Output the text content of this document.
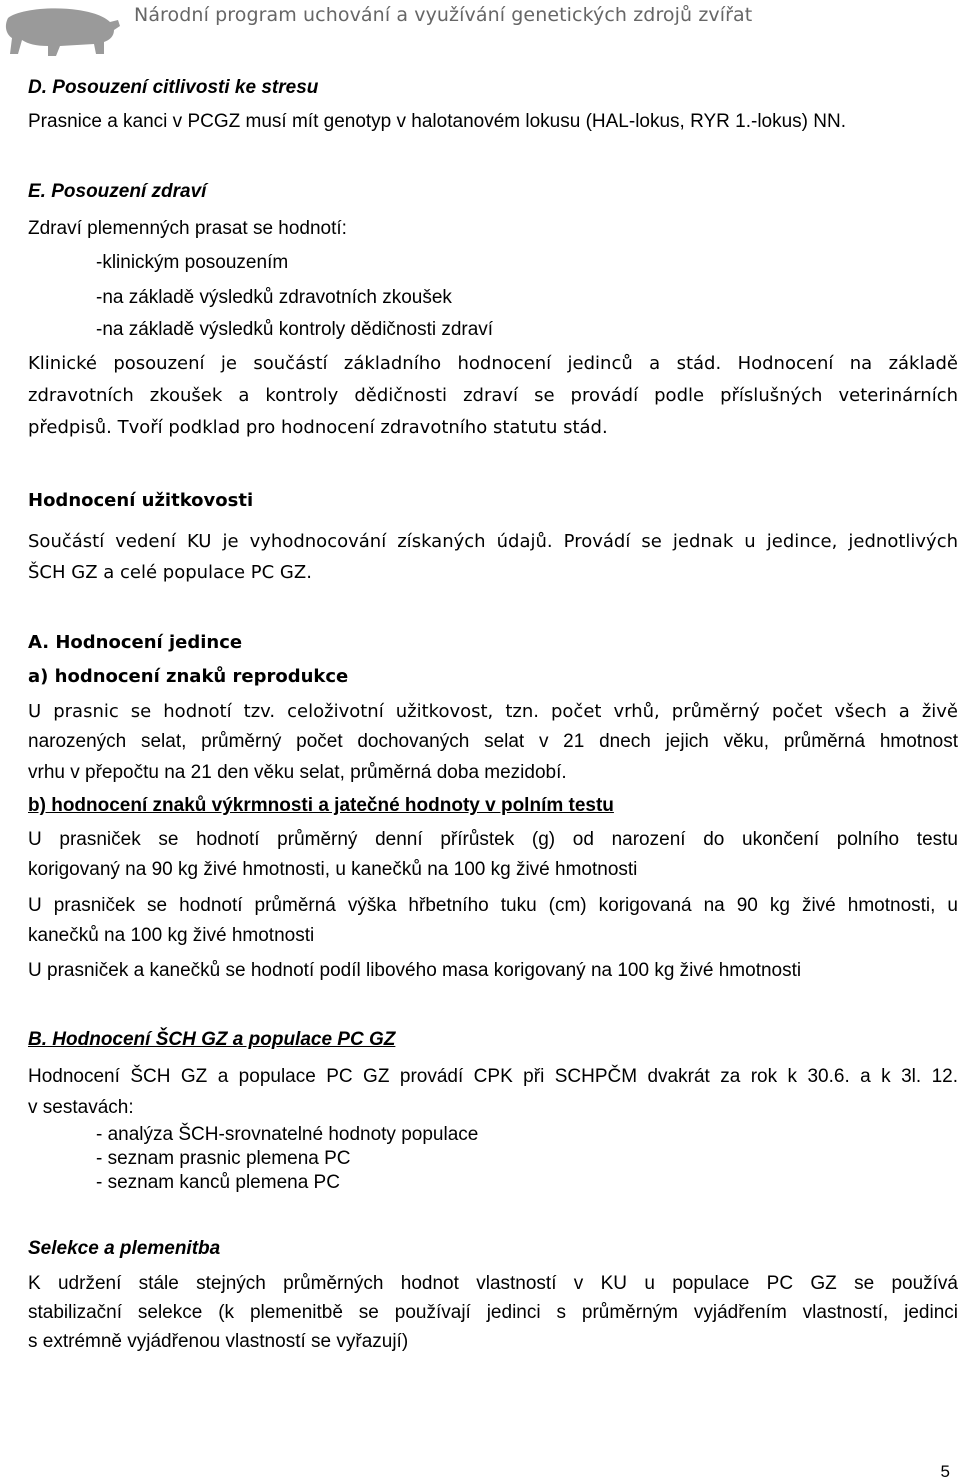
Národní program uchování a využívání genetických zdrojů zvířat
D. Posouzení citlivosti ke stresu
Prasnice a kanci v PCGZ musí mít genotyp v halotanovém lokusu (HAL-lokus, RYR 1.-lokus) NN.
E. Posouzení zdraví
Zdraví plemenných prasat se hodnotí:
-klinickým posouzením
-na základě výsledků zdravotních zkoušek
-na základě výsledků kontroly dědičnosti zdraví
Klinické posouzení je součástí základního hodnocení jedinců a stád. Hodnocení na základě
zdravotních zkoušek a kontroly dědičnosti zdraví se provádí podle příslušných veterinárních
předpisů. Tvoří podklad pro hodnocení zdravotního statutu stád.
Hodnocení užitkovosti
Součástí vedení KU je vyhodnocování získaných údajů. Provádí se jednak u jedince, jednotlivých
ŠCH GZ a celé populace PC GZ.
A. Hodnocení jedince
a) hodnocení znaků reprodukce
U prasnic se hodnotí tzv. celoživotní užitkovost, tzn. počet vrhů, průměrný počet všech a živě
narozených selat, průměrný počet dochovaných selat v 21 dnech jejich věku, průměrná hmotnost
vrhu v přepočtu na 21 den věku selat, průměrná doba mezidobí.
b) hodnocení znaků výkrmnosti a jatečné hodnoty v polním testu
U prasniček se hodnotí průměrný denní přírůstek (g) od narození do ukončení polního testu
korigovaný na 90 kg živé hmotnosti, u kanečků na 100 kg živé hmotnosti
U prasniček se hodnotí průměrná výška hřbetního tuku (cm) korigovaná na 90 kg živé hmotnosti, u
kanečků na 100 kg živé hmotnosti
U prasniček a kanečků se hodnotí podíl libového masa korigovaný na 100 kg živé hmotnosti
B. Hodnocení ŠCH GZ a populace PC GZ
Hodnocení ŠCH GZ a populace PC GZ provádí CPK při SCHPČM dvakrát za rok k 30.6. a k 3l. 12.
v sestavách:
- analýza ŠCH-srovnatelné hodnoty populace
- seznam prasnic plemena PC
- seznam kanců plemena PC
Selekce a plemenitba
K udržení stále stejných průměrných hodnot vlastností v KU u populace PC GZ se používá
stabilizační selekce (k plemenitbě se používají jedinci s průměrným vyjádřením vlastností, jedinci
s extrémně vyjádřenou vlastností se vyřazují)
5
